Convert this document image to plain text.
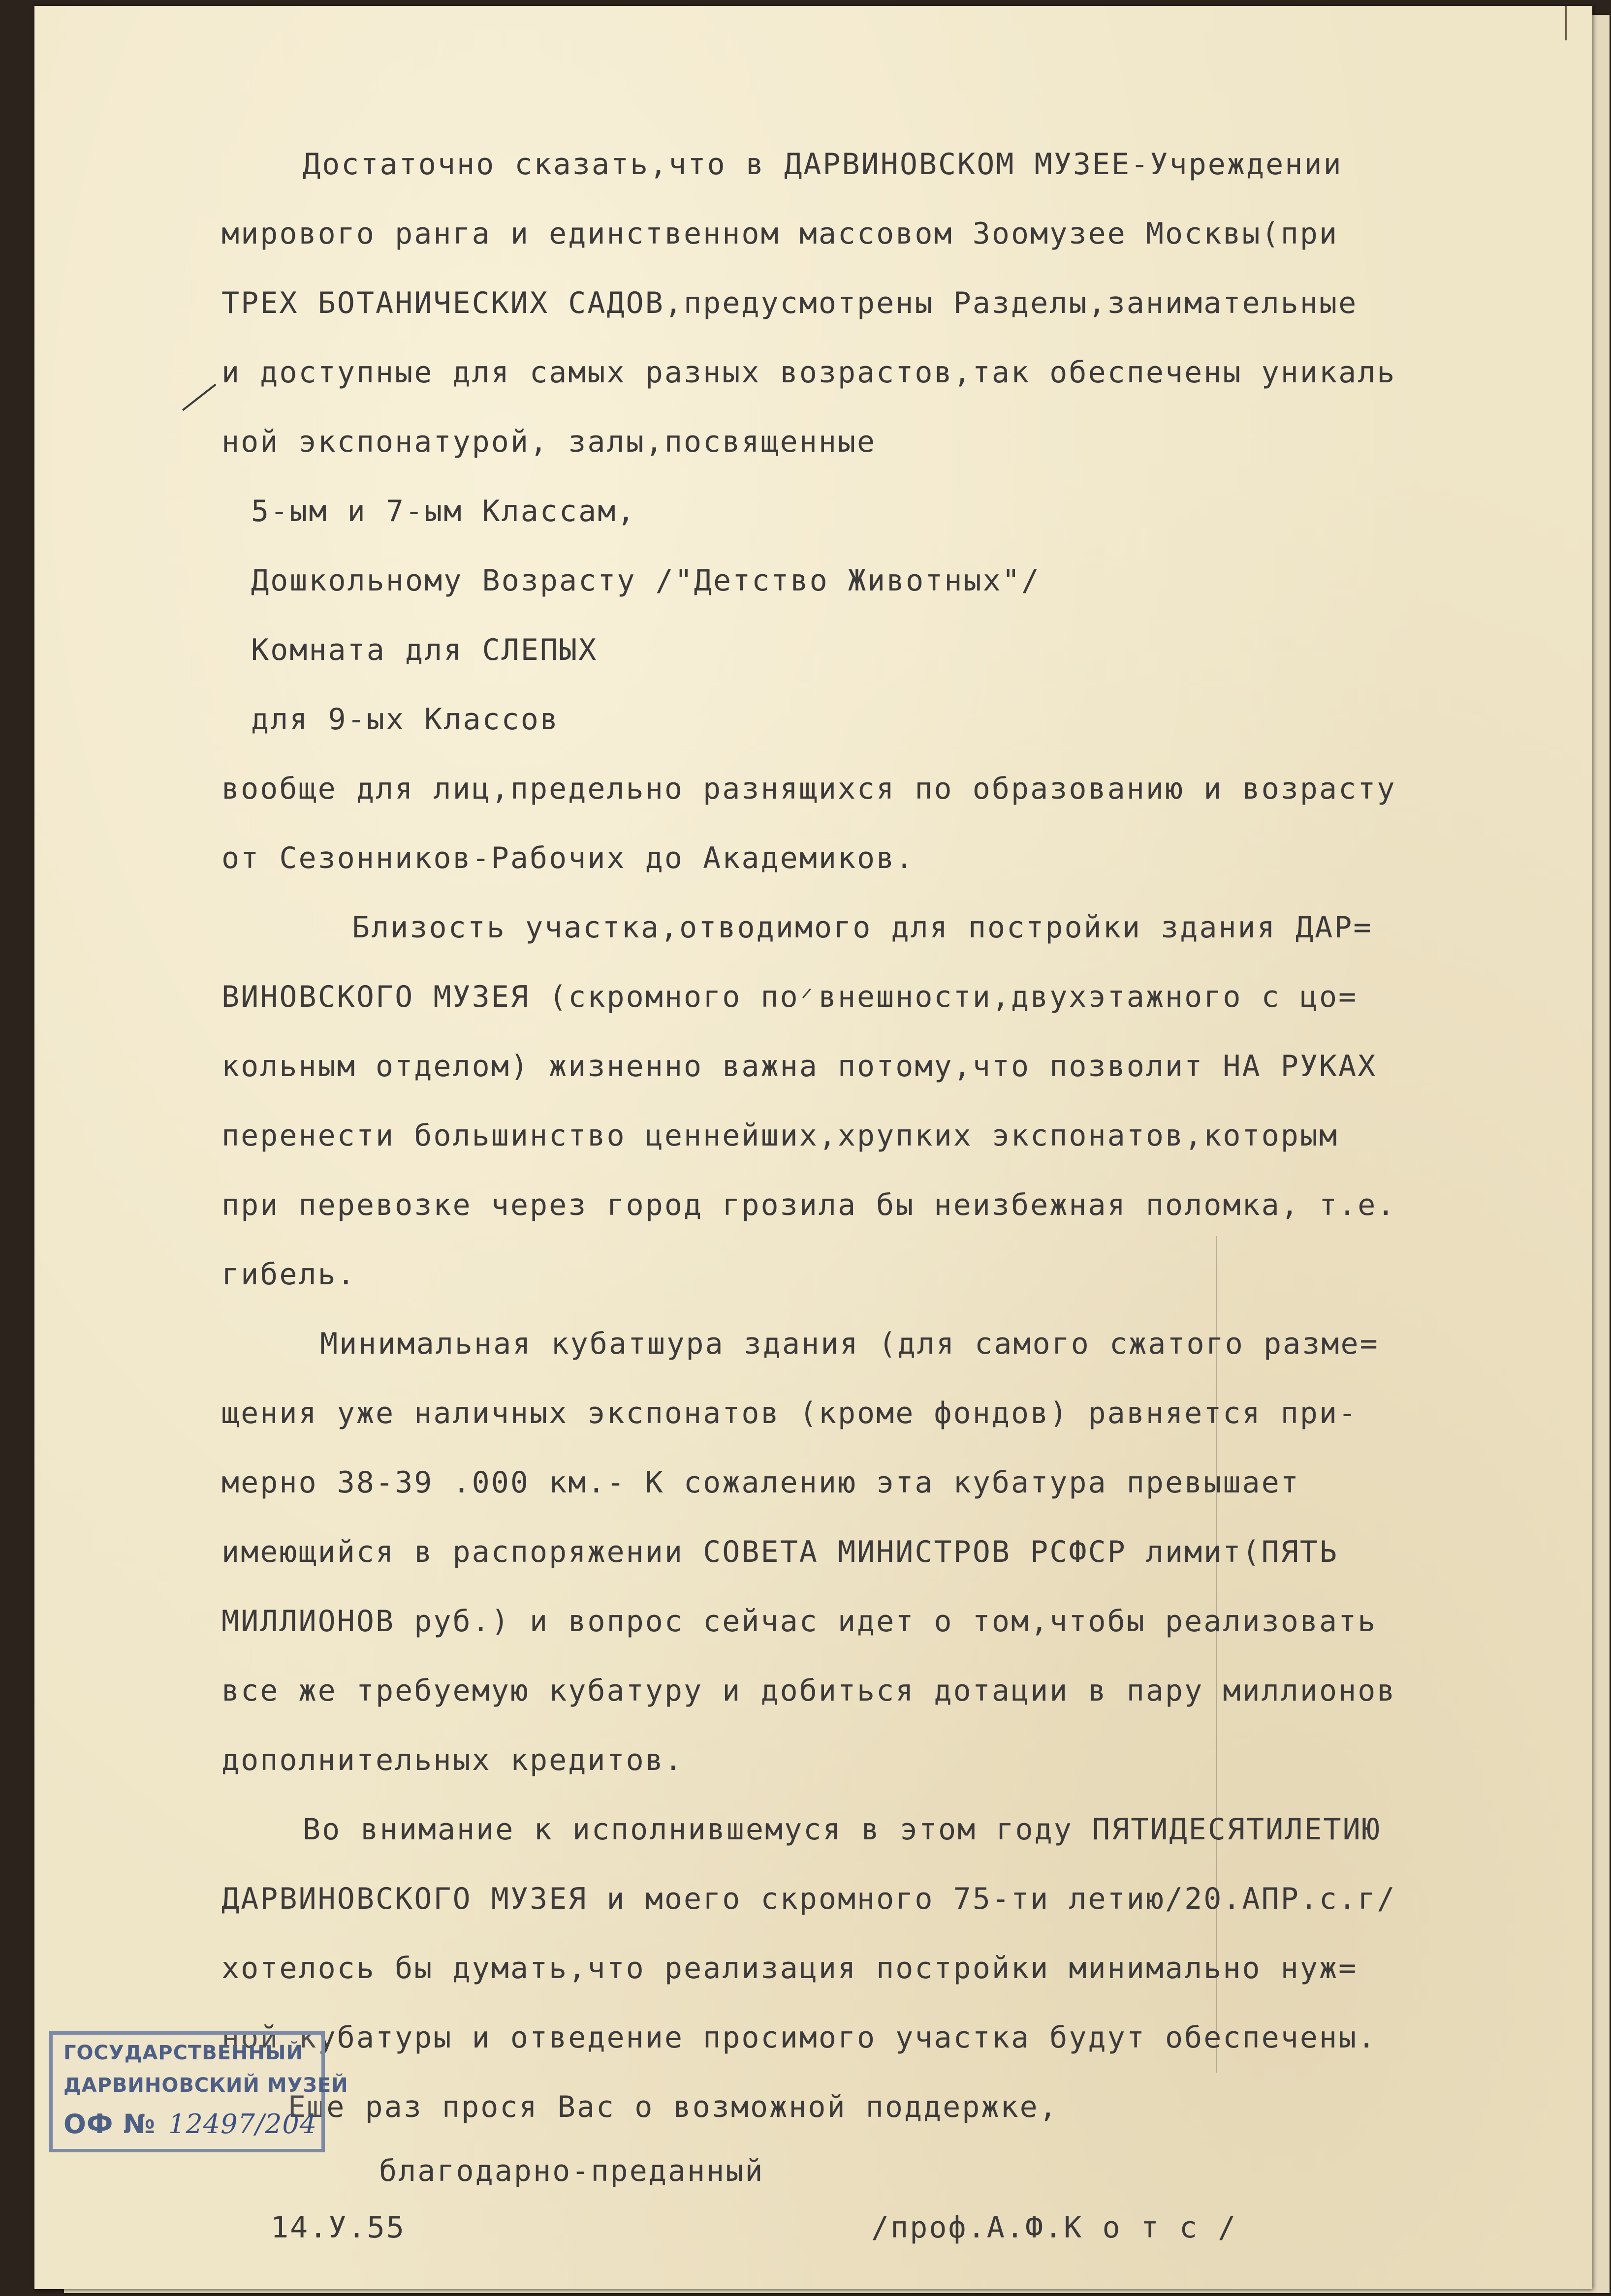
Достаточно сказать,что в ДАРВИНОВСКОМ МУЗЕЕ-Учреждении
мирового ранга и единственном массовом Зоомузее Москвы(при
ТРЕХ БОТАНИЧЕСКИХ САДОВ,предусмотрены Разделы,занимательные
и доступные для самых разных возрастов,так обеспечены уникаль
ной экспонатурой, залы,посвященные
5-ым и 7-ым Классам,
Дошкольному Возрасту /"Детство Животных"/
Комната для СЛЕПЫХ
для 9-ых Классов
вообще для лиц,предельно разнящихся по образованию и возрасту
от Сезонников-Рабочих до Академиков.
Близость участка,отводимого для постройки здания ДАР=
ВИНОВСКОГО МУЗЕЯ (скромного по внешности,двухэтажного с цо=
кольным отделом) жизненно важна потому,что позволит НА РУКАХ
перенести большинство ценнейших,хрупких экспонатов,которым
при перевозке через город грозила бы неизбежная поломка, т.е.
гибель.
Минимальная кубатшура здания (для самого сжатого разме=
щения уже наличных экспонатов (кроме фондов) равняется при-
мерно 38-39 .000 км.- К сожалению эта кубатура превышает
имеющийся в распоряжении СОВЕТА МИНИСТРОВ РСФСР лимит(ПЯТЬ
МИЛЛИОНОВ руб.) и вопрос сейчас идет о том,чтобы реализовать
все же требуемую кубатуру и добиться дотации в пару миллионов
дополнительных кредитов.
Во внимание к исполнившемуся в этом году ПЯТИДЕСЯТИЛЕТИЮ
ДАРВИНОВСКОГО МУЗЕЯ и моего скромного 75-ти летию/20.АПР.с.г/
хотелось бы думать,что реализация постройки минимально нуж=
ной кубатуры и отведение просимого участка будут обеспечены.
Еще раз прося Вас о возможной поддержке,
благодарно-преданный
14.У.55	/проф.А.Ф.К о т с /
ГОСУДАРСТВЕННЫЙ
ДАРВИНОВСКИЙ МУЗЕЙ
ОФ № 12497/204
